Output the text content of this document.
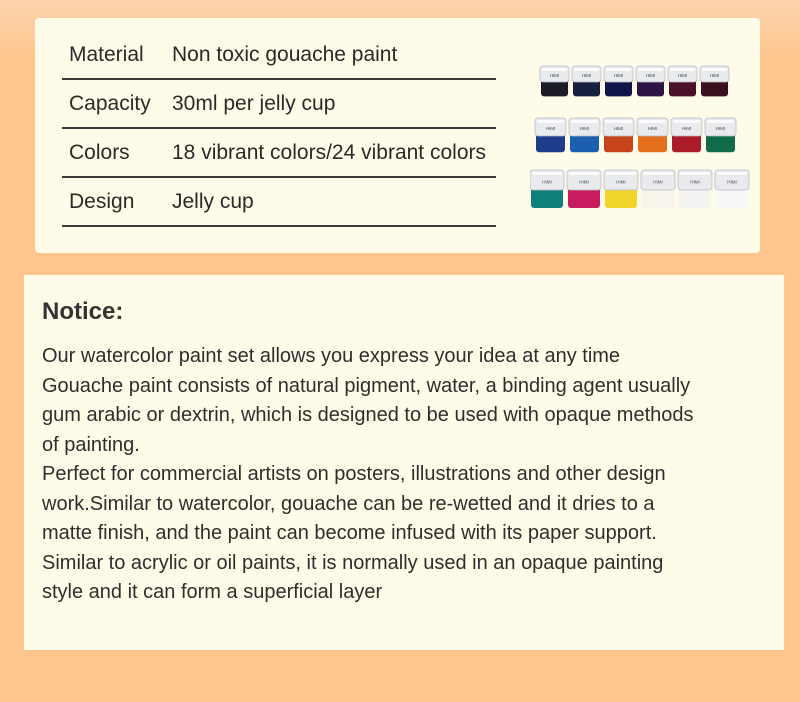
Material Non toxic gouache paint
Capacity 30ml per jelly cup
Colors 18 vibrant colors/24 vibrant colors
Design Jelly cup
HIMI	HIMI	HIMI	HIMI	HIMI	HIMI
HIMI	HIMI	HIMI	HIMI	HIMI	HIMI
HIMI	HIMI	HIMI	HIMI	HIMI	HIMI
Notice:
Our watercolor paint set allows you express your idea at any time
Gouache paint consists of natural pigment, water, a binding agent usually
gum arabic or dextrin, which is designed to be used with opaque methods
of painting.
Perfect for commercial artists on posters, illustrations and other design
work.Similar to watercolor, gouache can be re-wetted and it dries to a
matte finish, and the paint can become infused with its paper support.
Similar to acrylic or oil paints, it is normally used in an opaque painting
style and it can form a superficial layer
